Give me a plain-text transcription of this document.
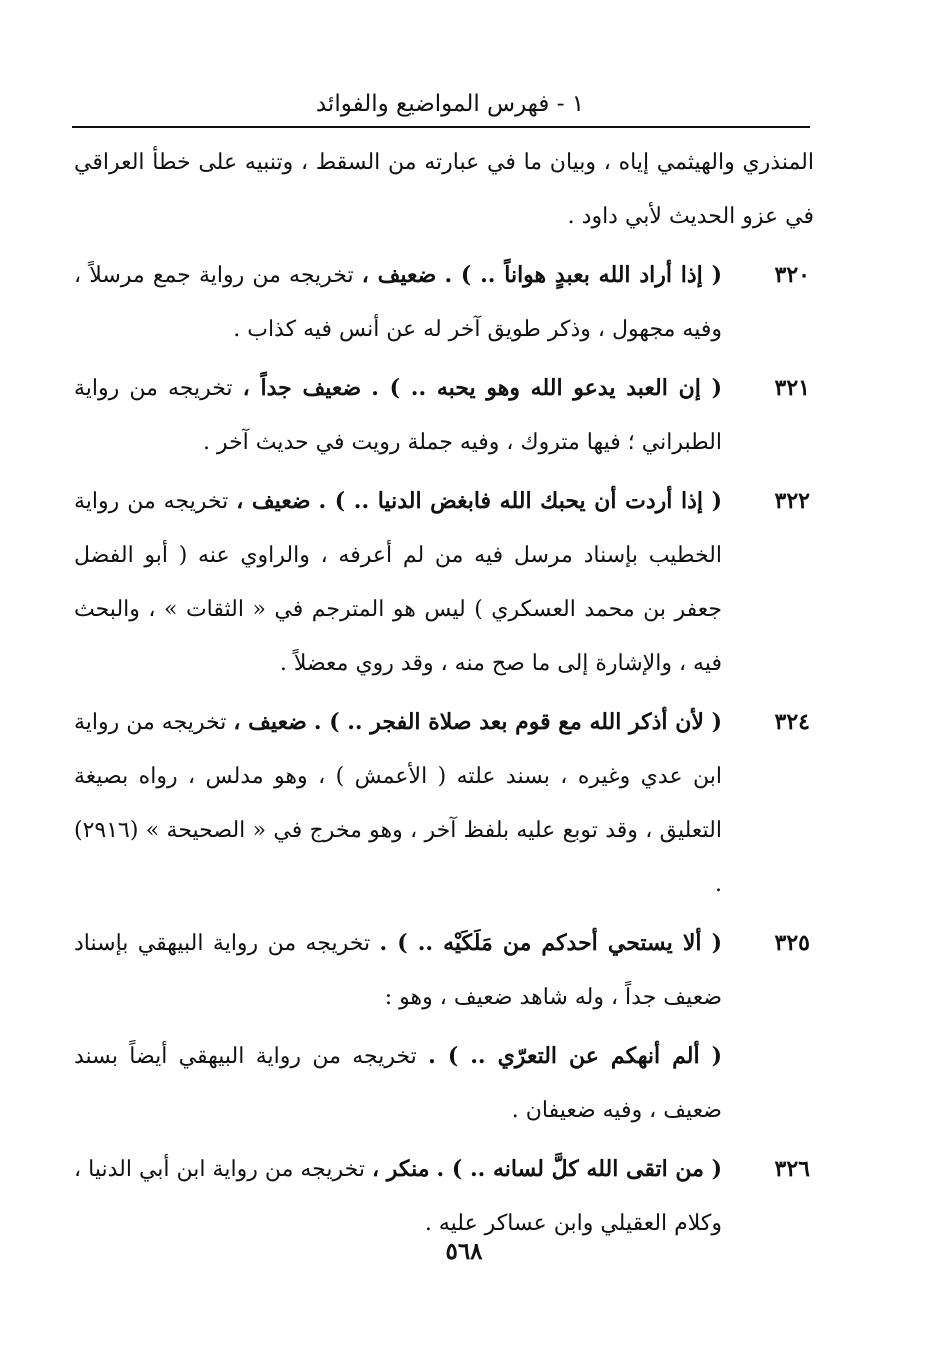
١ - فهرس المواضيع والفوائد
المنذري والهيثمي إياه ، وبيان ما في عبارته من السقط ، وتنبيه على خطأ العراقي في عزو الحديث لأبي داود .
٣٢٠
( إذا أراد الله بعبدٍ هواناً .. ) . ضعيف ، تخريجه من رواية جمع مرسلاً ، وفيه مجهول ، وذكر طويق آخر له عن أنس فيه كذاب .
٣٢١
( إن العبد يدعو الله وهو يحبه .. ) . ضعيف جداً ، تخريجه من رواية الطبراني ؛ فيها متروك ، وفيه جملة رويت في حديث آخر .
٣٢٢
( إذا أردت أن يحبك الله فابغض الدنيا .. ) . ضعيف ، تخريجه من رواية الخطيب بإسناد مرسل فيه من لم أعرفه ، والراوي عنه ( أبو الفضل جعفر بن محمد العسكري ) ليس هو المترجم في « الثقات » ، والبحث فيه ، والإشارة إلى ما صح منه ، وقد روي معضلاً .
٣٢٤
( لأن أذكر الله مع قوم بعد صلاة الفجر .. ) . ضعيف ، تخريجه من رواية ابن عدي وغيره ، بسند علته ( الأعمش ) ، وهو مدلس ، رواه بصيغة التعليق ، وقد توبع عليه بلفظ آخر ، وهو مخرج في « الصحيحة » (٢٩١٦) .
٣٢٥
( ألا يستحي أحدكم من مَلَكَيْه .. ) . تخريجه من رواية البيهقي بإسناد ضعيف جداً ، وله شاهد ضعيف ، وهو :
( ألم أنهكم عن التعرّي .. ) . تخريجه من رواية البيهقي أيضاً بسند ضعيف ، وفيه ضعيفان .
٣٢٦
( من اتقى الله كلَّ لسانه .. ) . منكر ، تخريجه من رواية ابن أبي الدنيا ، وكلام العقيلي وابن عساكر عليه .
٥٦٨
